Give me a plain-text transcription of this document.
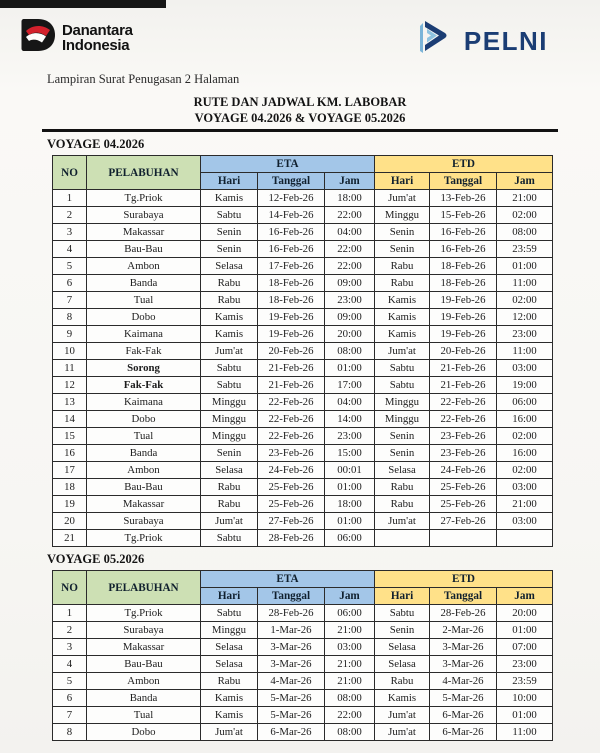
Danantara
Indonesia	PELNI
Lampiran Surat Penugasan 2 Halaman
RUTE DAN JADWAL KM. LABOBAR
VOYAGE 04.2026 & VOYAGE 05.2026
VOYAGE 04.2026
NO	PELABUHAN	ETA			ETD		
		Hari	Tanggal	Jam	Hari	Tanggal	Jam
1	Tg.Priok	Kamis	12-Feb-26	18:00	Jum'at	13-Feb-26	21:00
2	Surabaya	Sabtu	14-Feb-26	22:00	Minggu	15-Feb-26	02:00
3	Makassar	Senin	16-Feb-26	04:00	Senin	16-Feb-26	08:00
4	Bau-Bau	Senin	16-Feb-26	22:00	Senin	16-Feb-26	23:59
5	Ambon	Selasa	17-Feb-26	22:00	Rabu	18-Feb-26	01:00
6	Banda	Rabu	18-Feb-26	09:00	Rabu	18-Feb-26	11:00
7	Tual	Rabu	18-Feb-26	23:00	Kamis	19-Feb-26	02:00
8	Dobo	Kamis	19-Feb-26	09:00	Kamis	19-Feb-26	12:00
9	Kaimana	Kamis	19-Feb-26	20:00	Kamis	19-Feb-26	23:00
10	Fak-Fak	Jum'at	20-Feb-26	08:00	Jum'at	20-Feb-26	11:00
11	Sorong	Sabtu	21-Feb-26	01:00	Sabtu	21-Feb-26	03:00
12	Fak-Fak	Sabtu	21-Feb-26	17:00	Sabtu	21-Feb-26	19:00
13	Kaimana	Minggu	22-Feb-26	04:00	Minggu	22-Feb-26	06:00
14	Dobo	Minggu	22-Feb-26	14:00	Minggu	22-Feb-26	16:00
15	Tual	Minggu	22-Feb-26	23:00	Senin	23-Feb-26	02:00
16	Banda	Senin	23-Feb-26	15:00	Senin	23-Feb-26	16:00
17	Ambon	Selasa	24-Feb-26	00:01	Selasa	24-Feb-26	02:00
18	Bau-Bau	Rabu	25-Feb-26	01:00	Rabu	25-Feb-26	03:00
19	Makassar	Rabu	25-Feb-26	18:00	Rabu	25-Feb-26	21:00
20	Surabaya	Jum'at	27-Feb-26	01:00	Jum'at	27-Feb-26	03:00
21	Tg.Priok	Sabtu	28-Feb-26	06:00			
VOYAGE 05.2026
NO	PELABUHAN	ETA			ETD		
		Hari	Tanggal	Jam	Hari	Tanggal	Jam
1	Tg.Priok	Sabtu	28-Feb-26	06:00	Sabtu	28-Feb-26	20:00
2	Surabaya	Minggu	1-Mar-26	21:00	Senin	2-Mar-26	01:00
3	Makassar	Selasa	3-Mar-26	03:00	Selasa	3-Mar-26	07:00
4	Bau-Bau	Selasa	3-Mar-26	21:00	Selasa	3-Mar-26	23:00
5	Ambon	Rabu	4-Mar-26	21:00	Rabu	4-Mar-26	23:59
6	Banda	Kamis	5-Mar-26	08:00	Kamis	5-Mar-26	10:00
7	Tual	Kamis	5-Mar-26	22:00	Jum'at	6-Mar-26	01:00
8	Dobo	Jum'at	6-Mar-26	08:00	Jum'at	6-Mar-26	11:00
